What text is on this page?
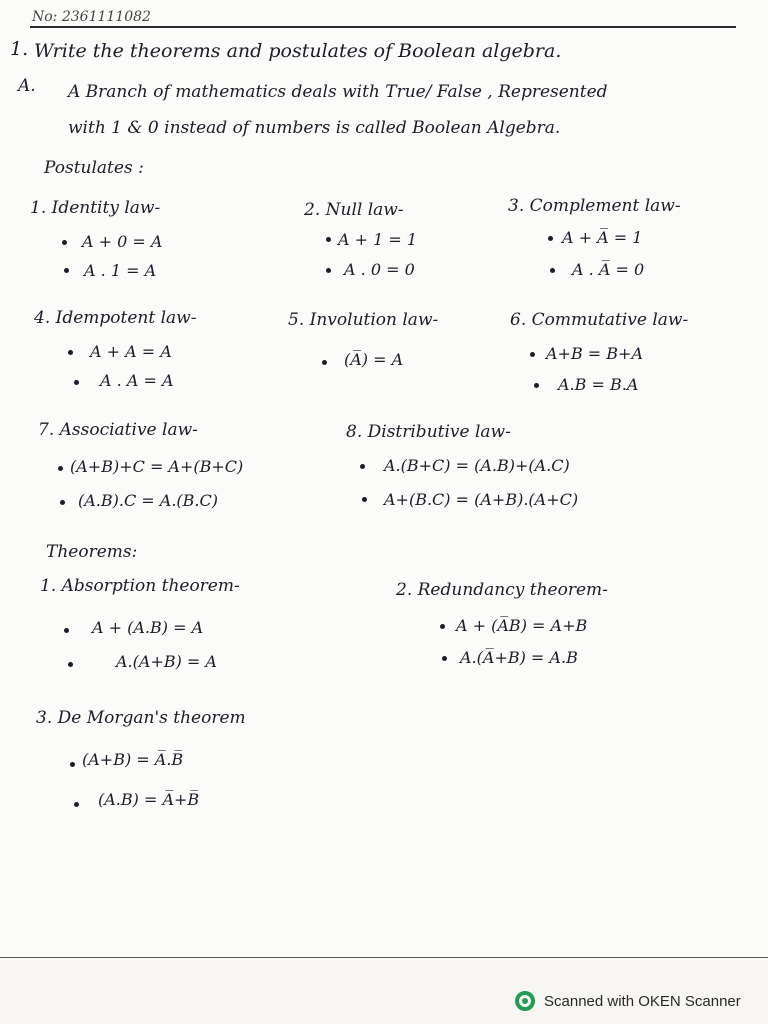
No: 2361111082
1. Write the theorems and postulates of Boolean algebra.
A. A Branch of mathematics deals with True/ False , Represented
with 1 & 0 instead of numbers is called Boolean Algebra.
Postulates :
1. Identity law-
A + 0 = A
A . 1 = A
2. Null law-
A + 1 = 1
A . 0 = 0
3. Complement law-
A + A̅ = 1
A . A̅ = 0
4. Idempotent law-
A + A = A
A . A = A
5. Involution law-
(A̅) = A
6. Commutative law-
A+B = B+A
A.B = B.A
7. Associative law-
(A+B)+C = A+(B+C)
(A.B).C = A.(B.C)
8. Distributive law-
A.(B+C) = (A.B)+(A.C)
A+(B.C) = (A+B).(A+C)
Theorems:
1. Absorption theorem-
A + (A.B) = A
A.(A+B) = A
2. Redundancy theorem-
A + (A̅B) = A+B
A.(A̅+B) = A.B
3. De Morgan's theorem
(A+B) = A̅.B̅
(A.B) = A̅+B̅
Scanned with OKEN Scanner
